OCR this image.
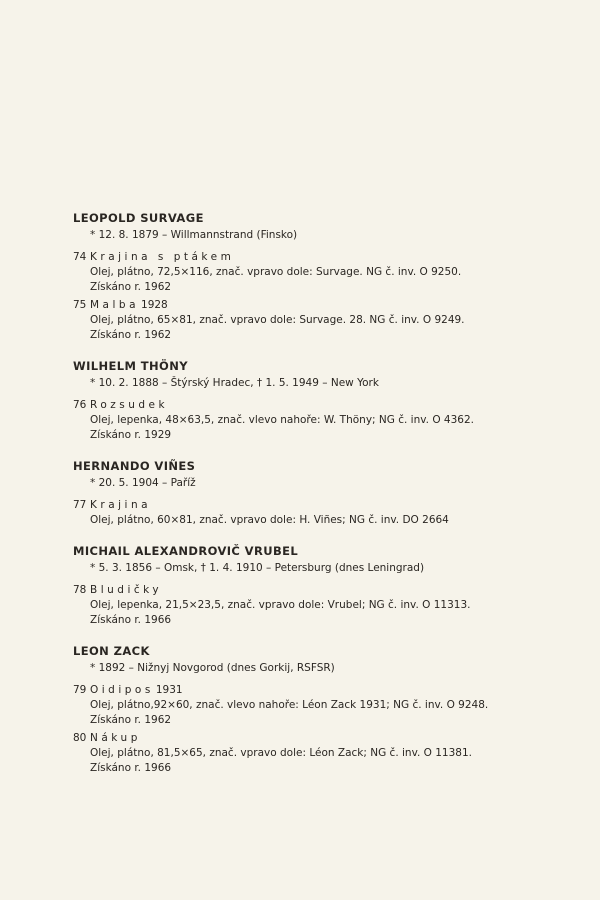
LEOPOLD SURVAGE
* 12. 8. 1879 – Willmannstrand (Finsko)
74 Krajina s ptákem
Olej, plátno, 72,5×116, znač. vpravo dole: Survage. NG č. inv. O 9250.
Získáno r. 1962
75 Malba 1928
Olej, plátno, 65×81, znač. vpravo dole: Survage. 28. NG č. inv. O 9249.
Získáno r. 1962
WILHELM THÖNY
* 10. 2. 1888 – Štýrský Hradec, † 1. 5. 1949 – New York
76 Rozsudek
Olej, lepenka, 48×63,5, znač. vlevo nahoře: W. Thöny; NG č. inv. O 4362.
Získáno r. 1929
HERNANDO VIÑES
* 20. 5. 1904 – Paříž
77 Krajina
Olej, plátno, 60×81, znač. vpravo dole: H. Viñes; NG č. inv. DO 2664
MICHAIL ALEXANDROVIČ VRUBEL
* 5. 3. 1856 – Omsk, † 1. 4. 1910 – Petersburg (dnes Leningrad)
78 Bludičky
Olej, lepenka, 21,5×23,5, znač. vpravo dole: Vrubel; NG č. inv. O 11313.
Získáno r. 1966
LEON ZACK
* 1892 – Nižnyj Novgorod (dnes Gorkij, RSFSR)
79 Oidipos 1931
Olej, plátno,92×60, znač. vlevo nahoře: Léon Zack 1931; NG č. inv. O 9248.
Získáno r. 1962
80 Nákup
Olej, plátno, 81,5×65, znač. vpravo dole: Léon Zack; NG č. inv. O 11381.
Získáno r. 1966
